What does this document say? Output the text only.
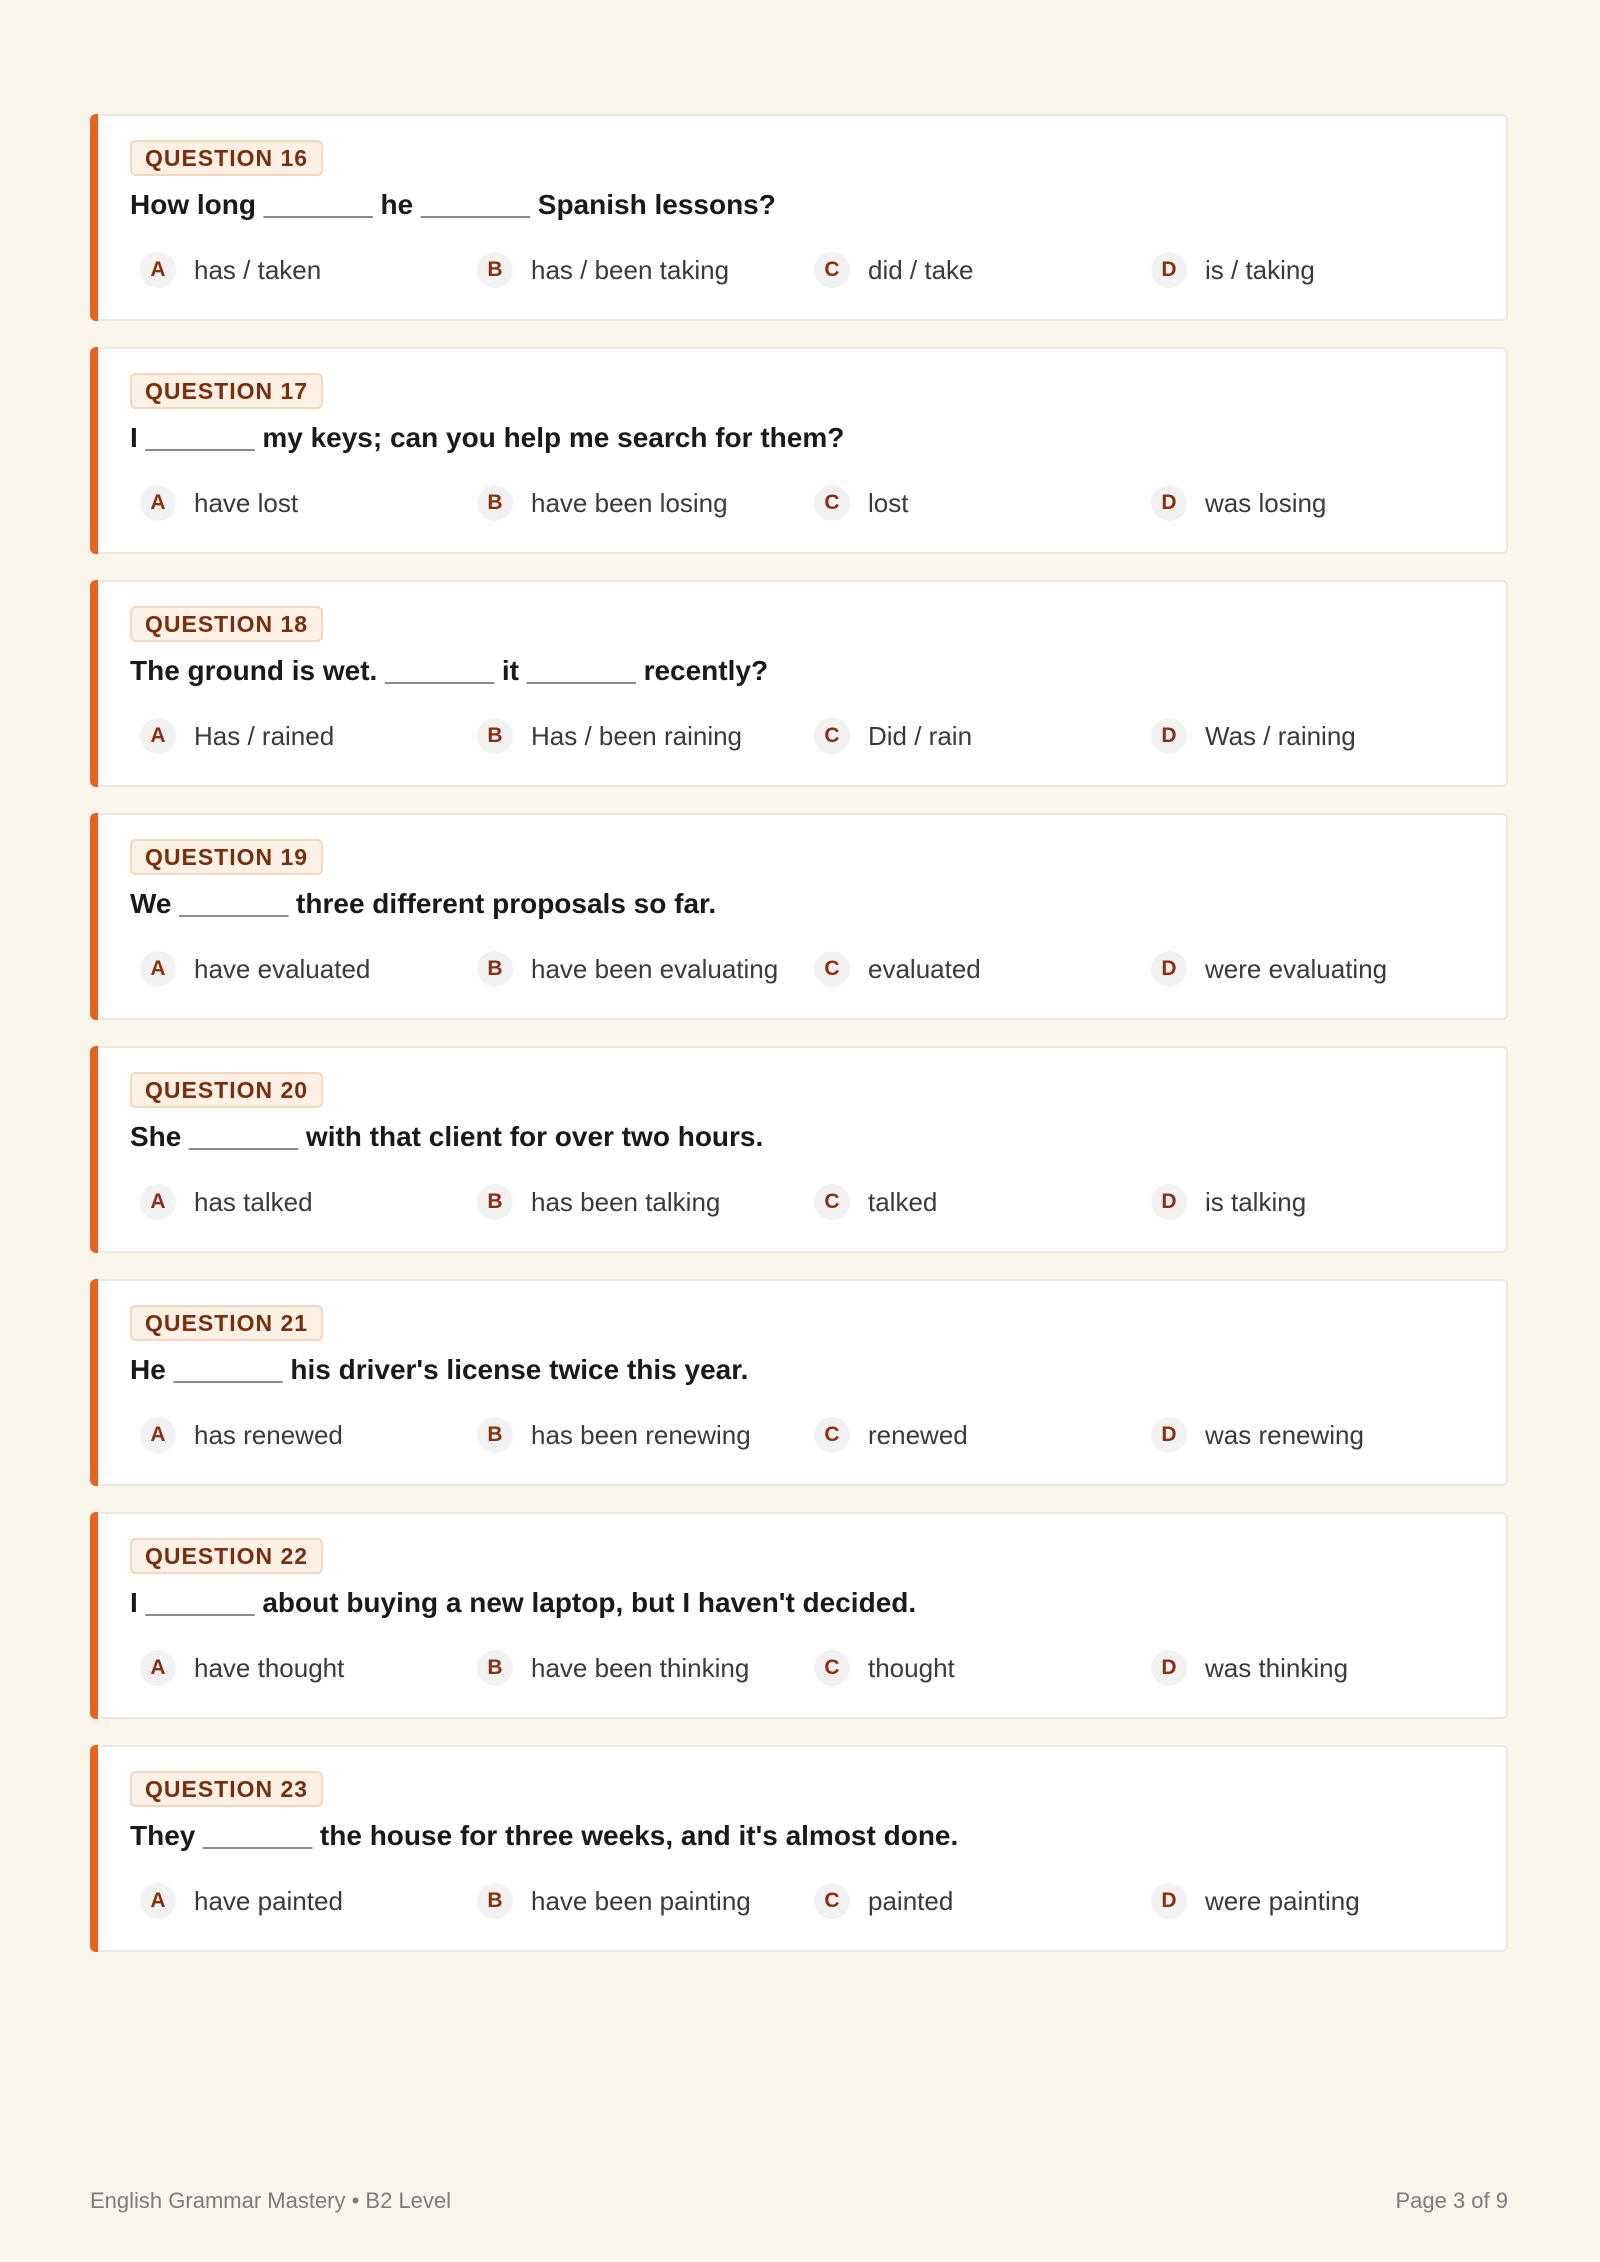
QUESTION 16
How long _______ he _______ Spanish lessons?
A	has / taken	B	has / been taking	C	did / take	D	is / taking
QUESTION 17
I _______ my keys; can you help me search for them?
A	have lost	B	have been losing	C	lost	D	was losing
QUESTION 18
The ground is wet. _______ it _______ recently?
A	Has / rained	B	Has / been raining	C	Did / rain	D	Was / raining
QUESTION 19
We _______ three different proposals so far.
A	have evaluated	B	have been evaluating	C	evaluated	D	were evaluating
QUESTION 20
She _______ with that client for over two hours.
A	has talked	B	has been talking	C	talked	D	is talking
QUESTION 21
He _______ his driver's license twice this year.
A	has renewed	B	has been renewing	C	renewed	D	was renewing
QUESTION 22
I _______ about buying a new laptop, but I haven't decided.
A	have thought	B	have been thinking	C	thought	D	was thinking
QUESTION 23
They _______ the house for three weeks, and it's almost done.
A	have painted	B	have been painting	C	painted	D	were painting
English Grammar Mastery • B2 Level	Page 3 of 9
